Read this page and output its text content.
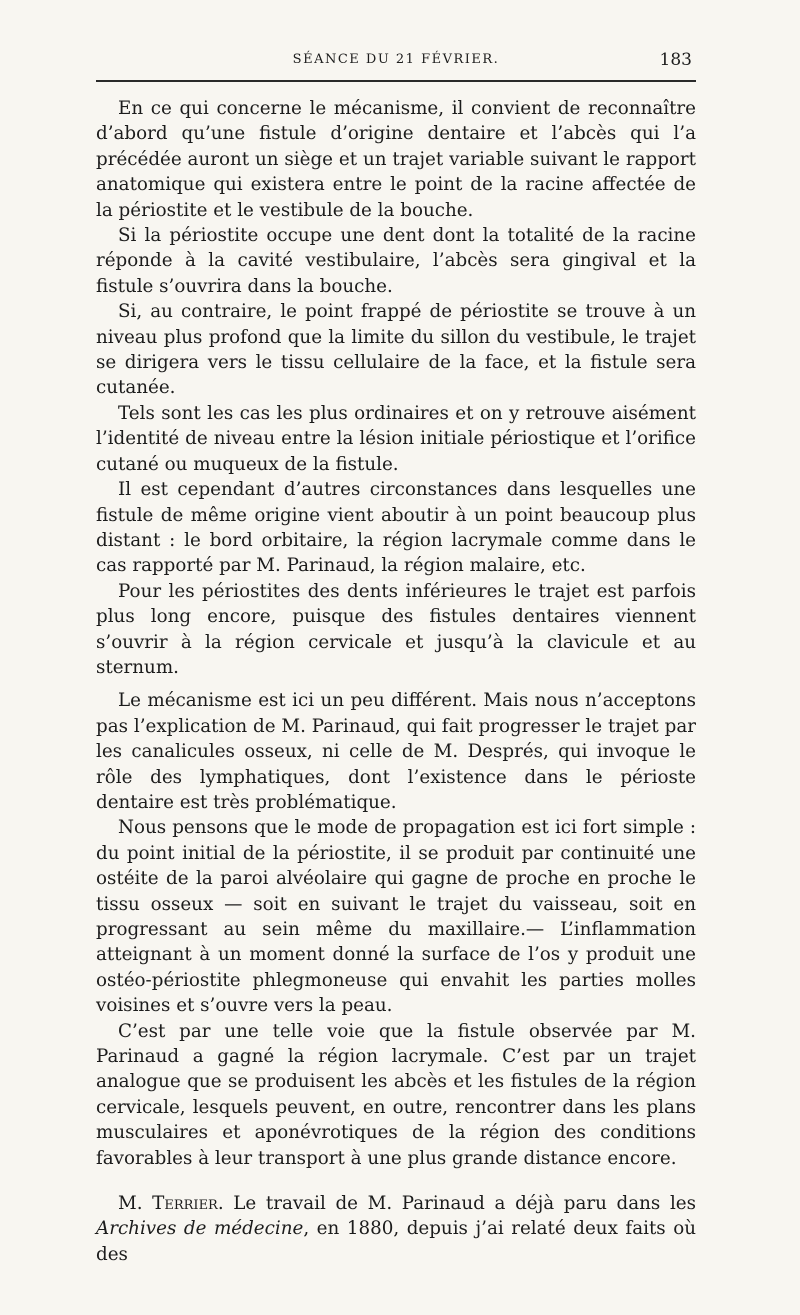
SÉANCE DU 21 FÉVRIER.	183

En ce qui concerne le mécanisme, il convient de reconnaître d’abord qu’une fistule d’origine dentaire et l’abcès qui l’a précédée auront un siège et un trajet variable suivant le rapport anatomique qui existera entre le point de la racine affectée de la périostite et le vestibule de la bouche.

Si la périostite occupe une dent dont la totalité de la racine réponde à la cavité vestibulaire, l’abcès sera gingival et la fistule s’ouvrira dans la bouche.

Si, au contraire, le point frappé de périostite se trouve à un niveau plus profond que la limite du sillon du vestibule, le trajet se dirigera vers le tissu cellulaire de la face, et la fistule sera cutanée.

Tels sont les cas les plus ordinaires et on y retrouve aisément l’identité de niveau entre la lésion initiale périostique et l’orifice cutané ou muqueux de la fistule.

Il est cependant d’autres circonstances dans lesquelles une fistule de même origine vient aboutir à un point beaucoup plus distant : le bord orbitaire, la région lacrymale comme dans le cas rapporté par M. Parinaud, la région malaire, etc.

Pour les périostites des dents inférieures le trajet est parfois plus long encore, puisque des fistules dentaires viennent s’ouvrir à la région cervicale et jusqu’à la clavicule et au sternum.

Le mécanisme est ici un peu différent. Mais nous n’acceptons pas l’explication de M. Parinaud, qui fait progresser le trajet par les canalicules osseux, ni celle de M. Després, qui invoque le rôle des lymphatiques, dont l’existence dans le périoste dentaire est très problématique.

Nous pensons que le mode de propagation est ici fort simple : du point initial de la périostite, il se produit par continuité une ostéite de la paroi alvéolaire qui gagne de proche en proche le tissu osseux — soit en suivant le trajet du vaisseau, soit en progressant au sein même du maxillaire.— L’inflammation atteignant à un moment donné la surface de l’os y produit une ostéo-périostite phlegmoneuse qui envahit les parties molles voisines et s’ouvre vers la peau.

C’est par une telle voie que la fistule observée par M. Parinaud a gagné la région lacrymale. C’est par un trajet analogue que se produisent les abcès et les fistules de la région cervicale, lesquels peuvent, en outre, rencontrer dans les plans musculaires et aponévrotiques de la région des conditions favorables à leur transport à une plus grande distance encore.

M. Terrier. Le travail de M. Parinaud a déjà paru dans les Archives de médecine, en 1880, depuis j’ai relaté deux faits où des
